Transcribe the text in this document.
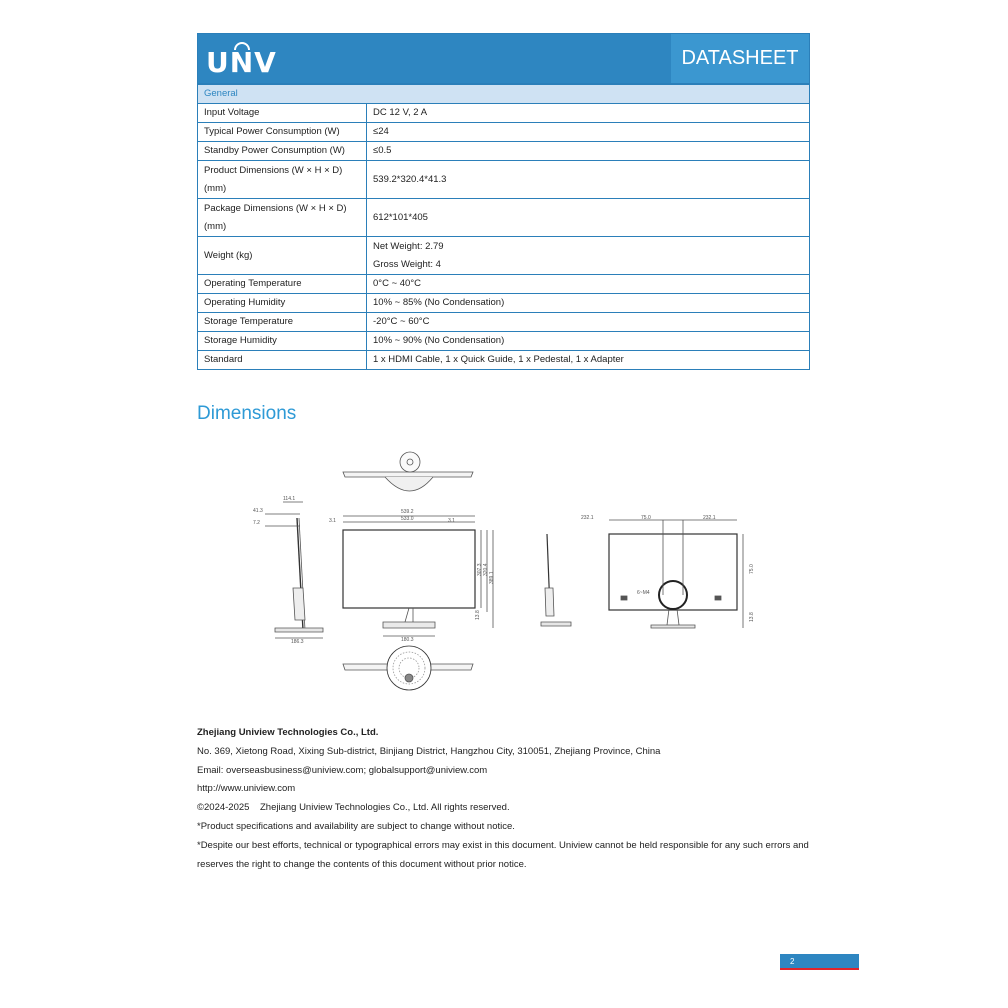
UNV	DATASHEET
General	
Input Voltage	DC 12 V, 2 A
Typical Power Consumption (W)	≤24
Standby Power Consumption (W)	≤0.5
Product Dimensions (W × H × D) (mm)	539.2*320.4*41.3
Package Dimensions (W × H × D) (mm)	612*101*405
Weight (kg)	Net Weight: 2.79
Gross Weight: 4

Operating Temperature	0°C ~ 40°C
Operating Humidity	10% ~ 85% (No Condensation)
Storage Temperature	-20°C ~ 60°C
Storage Humidity	10% ~ 90% (No Condensation)
Standard	1 x HDMI Cable, 1 x Quick Guide, 1 x Pedestal, 1 x Adapter
Dimensions
186.3
114.1
41.3
7.2
539.2
533.0
3.1	3.1
307.3 320.4
389.1
13.8
180.3
232.1	75.0	232.1
6~M4
75.0
13.8

Zhejiang Uniview Technologies Co., Ltd.

No. 369, Xietong Road, Xixing Sub-district, Binjiang District, Hangzhou City, 310051, Zhejiang Province, China

Email: overseasbusiness@uniview.com; globalsupport@uniview.com

http://www.uniview.com

©2024-2025    Zhejiang Uniview Technologies Co., Ltd. All rights reserved.

*Product specifications and availability are subject to change without notice.

*Despite our best efforts, technical or typographical errors may exist in this document. Uniview cannot be held responsible for any such errors and reserves the right to change the contents of this document without prior notice.

2
